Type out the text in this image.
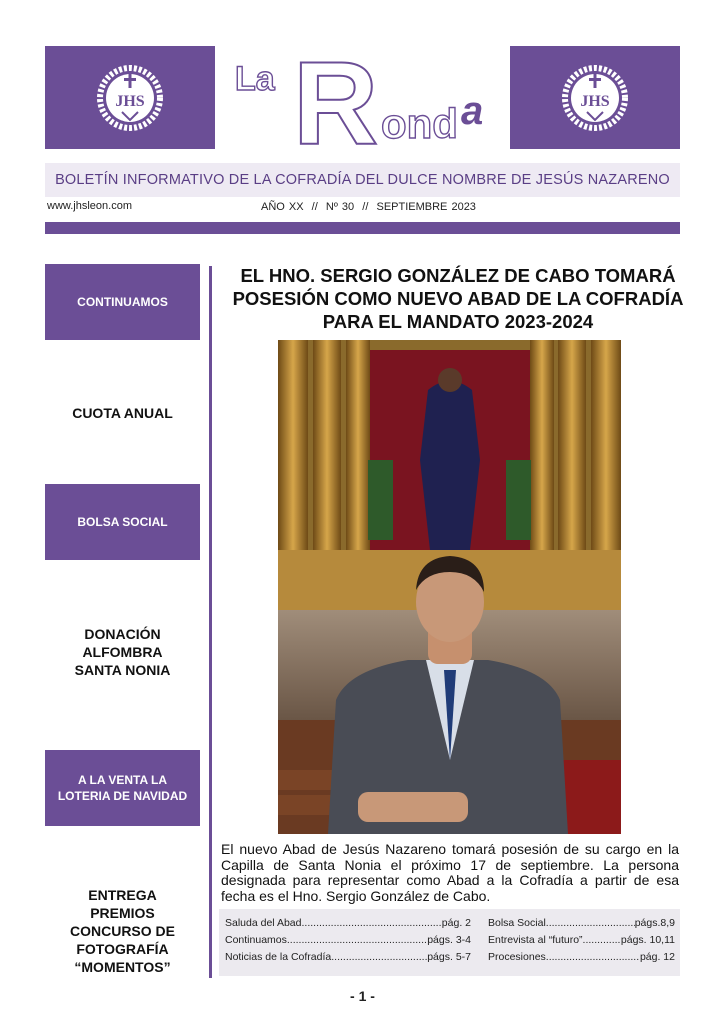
JHS
La R ond a	JHS
BOLETÍN INFORMATIVO DE LA COFRADÍA DEL DULCE NOMBRE DE JESÚS NAZARENO
www.jhsleon.com	AÑO XX  //  Nº 30  //  SEPTIEMBRE 2023
CONTINUAMOS
CUOTA ANUAL
BOLSA SOCIAL
DONACIÓN ALFOMBRA SANTA NONIA
A LA VENTA LA LOTERIA DE NAVIDAD
ENTREGA PREMIOS CONCURSO DE FOTOGRAFÍA “MOMENTOS”
EL HNO. SERGIO GONZÁLEZ DE CABO TOMARÁ POSESIÓN COMO NUEVO ABAD DE LA COFRADÍA PARA EL MANDATO 2023-2024
El nuevo Abad de Jesús Nazareno tomará posesión de su cargo en la Capilla de Santa Nonia el próximo 17 de septiembre. La persona designada para representar como Abad a la Cofradía a partir de esa fecha es el Hno. Sergio González de Cabo.
Saluda del Abad .....	pág. 2
Continuamos .....	págs. 3-4
Noticias de la Cofradía .....	págs. 5-7
Bolsa Social .....	págs.8,9
Entrevista al “futuro” .....	págs. 10,11
Procesiones .....	pág. 12
- 1 -
